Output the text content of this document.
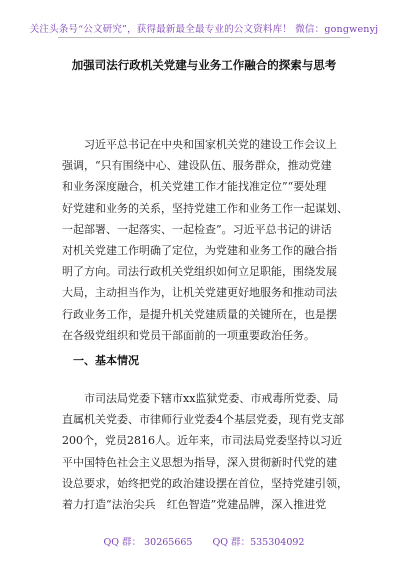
关注头条号“公文研究”，获得最新最全最专业的公文资料库！ 微信：gongwenyj
加强司法行政机关党建与业务工作融合的探索与思考
　　习近平总书记在中央和国家机关党的建设工作会议上
强调，“只有围绕中心、建设队伍、服务群众，推动党建
和业务深度融合，机关党建工作才能找准定位”“要处理
好党建和业务的关系，坚持党建工作和业务工作一起谋划、
一起部署、一起落实、一起检查”。习近平总书记的讲话
对机关党建工作明确了定位，为党建和业务工作的融合指
明了方向。司法行政机关党组织如何立足职能，围绕发展
大局，主动担当作为，让机关党建更好地服务和推动司法
行政业务工作，是提升机关党建质量的关键所在，也是摆
在各级党组织和党员干部面前的一项重要政治任务。
一、基本情况
　　市司法局党委下辖市xx监狱党委、市戒毒所党委、局
直属机关党委、市律师行业党委4个基层党委，现有党支部
200个，党员2816人。近年来，市司法局党委坚持以习近
平中国特色社会主义思想为指导，深入贯彻新时代党的建
设总要求，始终把党的政治建设摆在首位，坚持党建引领，
着力打造“法治尖兵　红色智造”党建品牌，深入推进党
QQ 群： 30265665 QQ 群：535304092
